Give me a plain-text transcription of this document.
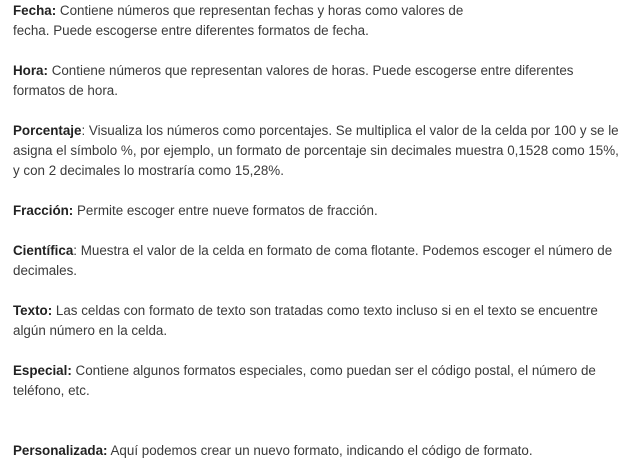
Fecha: Contiene números que representan fechas y horas como valores de fecha. Puede escogerse entre diferentes formatos de fecha.

Hora: Contiene números que representan valores de horas. Puede escogerse entre diferentes formatos de hora.

Porcentaje: Visualiza los números como porcentajes. Se multiplica el valor de la celda por 100 y se le asigna el símbolo %, por ejemplo, un formato de porcentaje sin decimales muestra 0,1528 como 15%, y con 2 decimales lo mostraría como 15,28%.

Fracción: Permite escoger entre nueve formatos de fracción.

Científica: Muestra el valor de la celda en formato de coma flotante. Podemos escoger el número de decimales.

Texto: Las celdas con formato de texto son tratadas como texto incluso si en el texto se encuentre algún número en la celda.

Especial: Contiene algunos formatos especiales, como puedan ser el código postal, el número de teléfono, etc.

Personalizada: Aquí podemos crear un nuevo formato, indicando el código de formato.
